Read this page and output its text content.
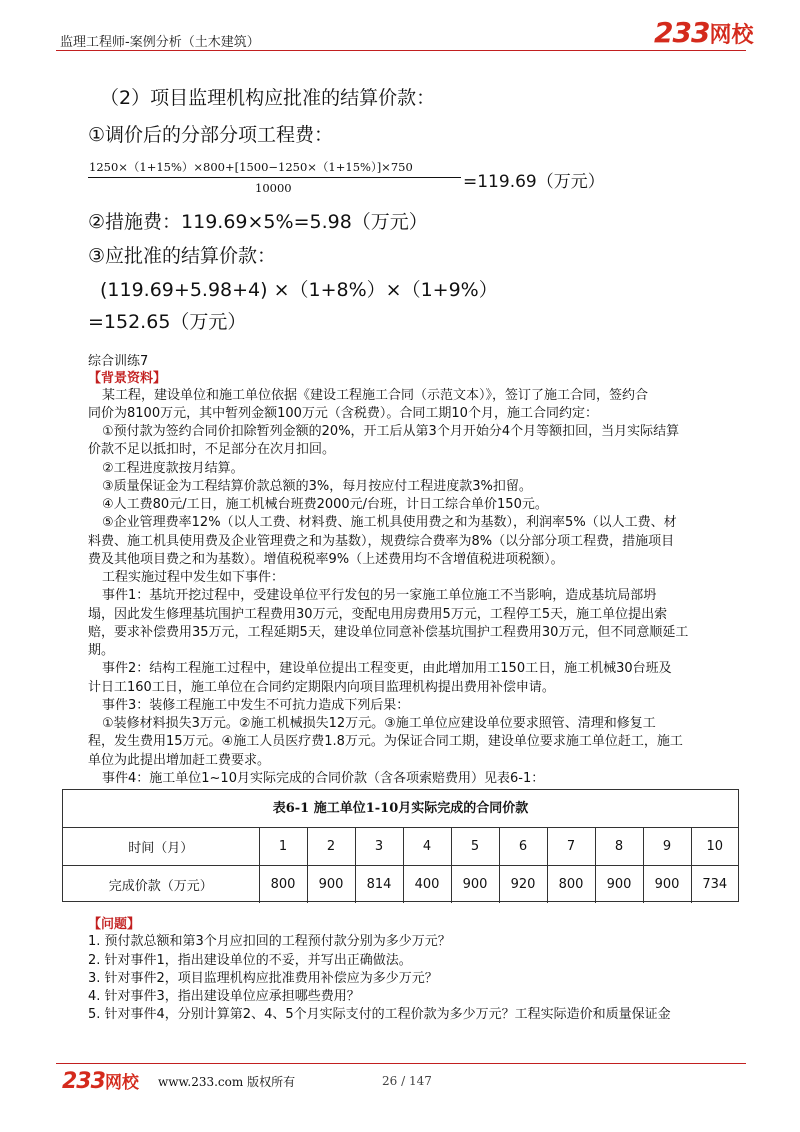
监理工程师-案例分析（土木建筑）	233网校
（2）项目监理机构应批准的结算价款：
①调价后的分部分项工程费：
1250×（1+15%）×800+[1500−1250×（1+15%）]×750
10000	=119.69（万元）
②措施费：119.69×5%=5.98（万元）
③应批准的结算价款：
(119.69+5.98+4) ×（1+8%）×（1+9%）
=152.65（万元）
综合训练7
【背景资料】
某工程，建设单位和施工单位依据《建设工程施工合同（示范文本）》，签订了施工合同，签约合
同价为8100万元，其中暂列金额100万元（含税费）。合同工期10个月，施工合同约定：
①预付款为签约合同价扣除暂列金额的20%，开工后从第3个月开始分4个月等额扣回，当月实际结算
价款不足以抵扣时，不足部分在次月扣回。
②工程进度款按月结算。
③质量保证金为工程结算价款总额的3%，每月按应付工程进度款3%扣留。
④人工费80元/工日，施工机械台班费2000元/台班，计日工综合单价150元。
⑤企业管理费率12%（以人工费、材料费、施工机具使用费之和为基数），利润率5%（以人工费、材
料费、施工机具使用费及企业管理费之和为基数），规费综合费率为8%（以分部分项工程费，措施项目
费及其他项目费之和为基数）。增值税税率9%（上述费用均不含增值税进项税额）。
工程实施过程中发生如下事件：
事件1：基坑开挖过程中，受建设单位平行发包的另一家施工单位施工不当影响，造成基坑局部坍
塌，因此发生修理基坑围护工程费用30万元，变配电用房费用5万元，工程停工5天，施工单位提出索
赔，要求补偿费用35万元，工程延期5天，建设单位同意补偿基坑围护工程费用30万元，但不同意顺延工
期。
事件2：结构工程施工过程中，建设单位提出工程变更，由此增加用工150工日，施工机械30台班及
计日工160工日，施工单位在合同约定期限内向项目监理机构提出费用补偿申请。
事件3：装修工程施工中发生不可抗力造成下列后果：
①装修材料损失3万元。②施工机械损失12万元。③施工单位应建设单位要求照管、清理和修复工
程，发生费用15万元。④施工人员医疗费1.8万元。为保证合同工期，建设单位要求施工单位赶工，施工
单位为此提出增加赶工费要求。
事件4：施工单位1~10月实际完成的合同价款（含各项索赔费用）见表6-1：
表6-1 施工单位1-10月实际完成的合同价款
时间（月）	1	2	3	4	5	6	7	8	9	10
完成价款（万元）	800	900	814	400	900	920	800	900	900	734
【问题】
1. 预付款总额和第3个月应扣回的工程预付款分别为多少万元？
2. 针对事件1，指出建设单位的不妥，并写出正确做法。
3. 针对事件2，项目监理机构应批准费用补偿应为多少万元？
4. 针对事件3，指出建设单位应承担哪些费用？
5. 针对事件4，分别计算第2、4、5个月实际支付的工程价款为多少万元？工程实际造价和质量保证金
233网校 www.233.com 版权所有	26 / 147
